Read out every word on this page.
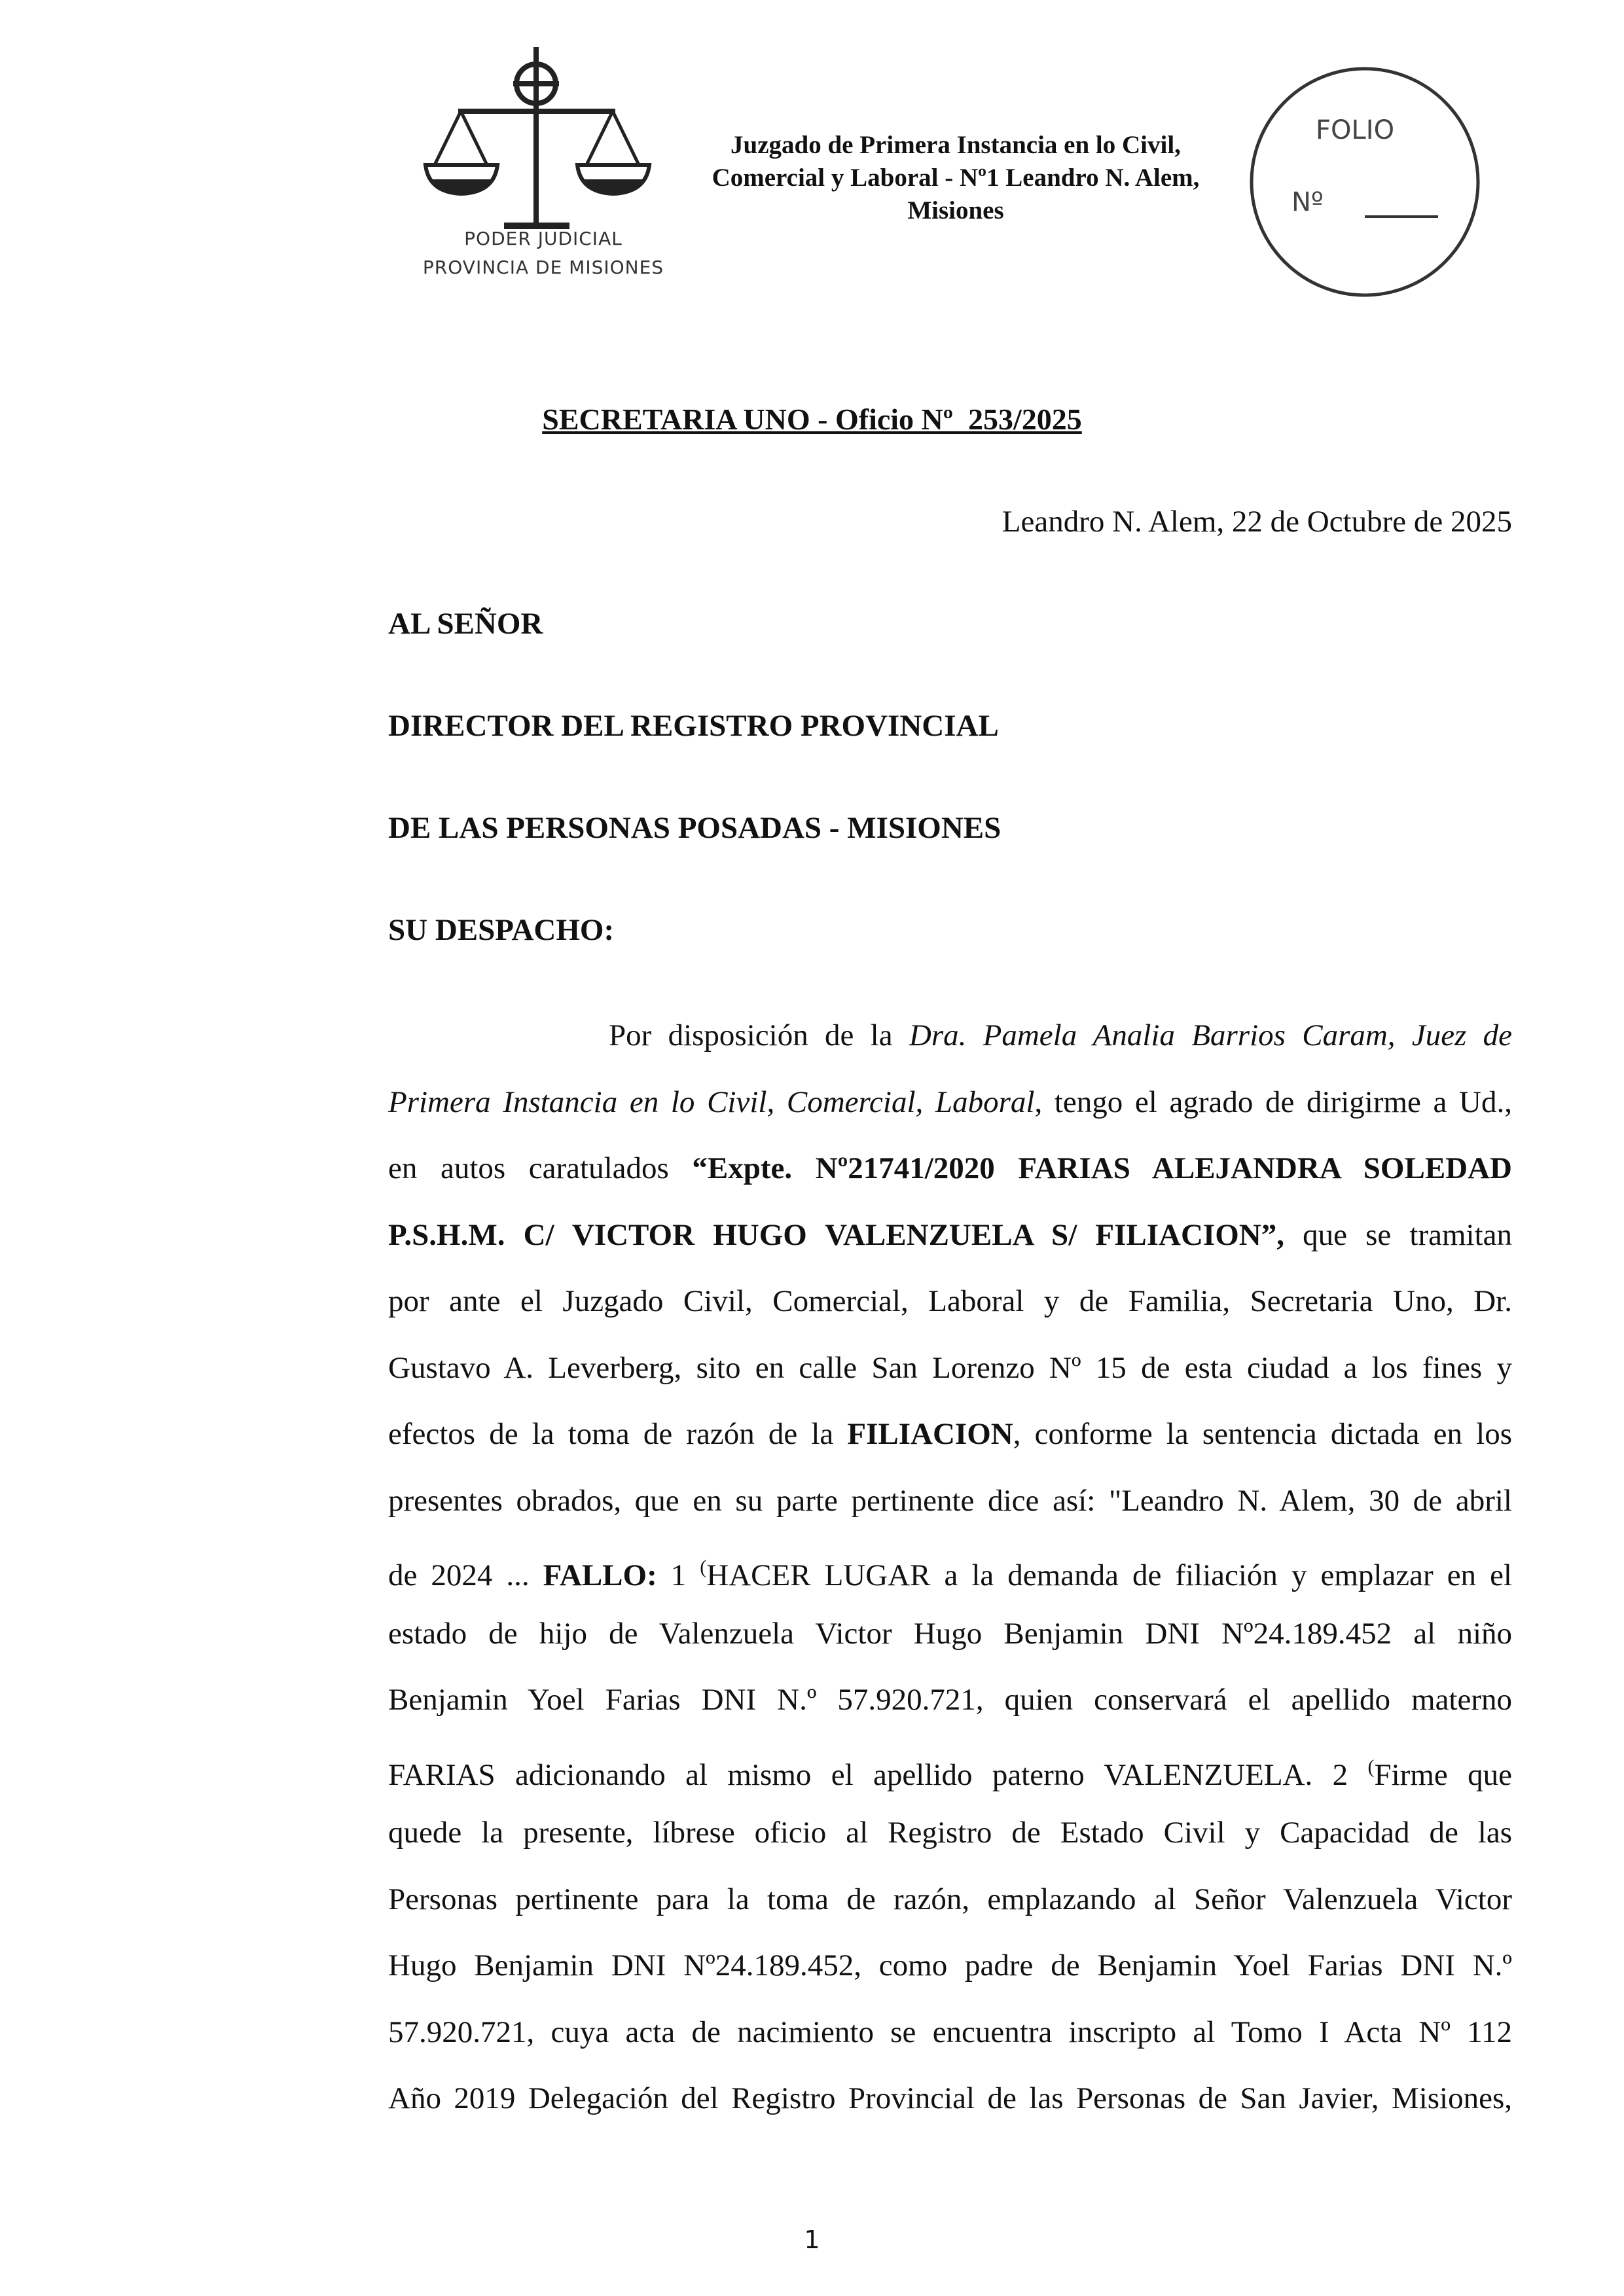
PODER JUDICIAL
PROVINCIA DE MISIONES
Juzgado de Primera Instancia en lo Civil,
Comercial y Laboral - Nº1 Leandro N. Alem,
Misiones
FOLIO
Nº
SECRETARIA UNO - Oficio Nº  253/2025
Leandro N. Alem, 22 de Octubre de 2025
AL SEÑOR
DIRECTOR DEL REGISTRO PROVINCIAL
DE LAS PERSONAS POSADAS - MISIONES
SU DESPACHO:
Por disposición de la Dra. Pamela Analia Barrios Caram, Juez de
Primera Instancia en lo Civil, Comercial, Laboral, tengo el agrado de dirigirme a Ud.,
en autos caratulados “Expte. Nº21741/2020 FARIAS ALEJANDRA SOLEDAD
P.S.H.M. C/ VICTOR HUGO VALENZUELA S/ FILIACION”, que se tramitan
por ante el Juzgado Civil, Comercial, Laboral y de Familia, Secretaria Uno, Dr.
Gustavo A. Leverberg, sito en calle San Lorenzo Nº 15 de esta ciudad a los fines y
efectos de la toma de razón de la FILIACION, conforme la sentencia dictada en los
presentes obrados, que en su parte pertinente dice así: "Leandro N. Alem, 30 de abril
de 2024 ... FALLO: 1 (HACER LUGAR a la demanda de filiación y emplazar en el
estado de hijo de Valenzuela Victor Hugo Benjamin DNI Nº24.189.452 al niño
Benjamin Yoel Farias DNI N.º 57.920.721, quien conservará el apellido materno
FARIAS adicionando al mismo el apellido paterno VALENZUELA. 2 (Firme que
quede la presente, líbrese oficio al Registro de Estado Civil y Capacidad de las
Personas pertinente para la toma de razón, emplazando al Señor Valenzuela Victor
Hugo Benjamin DNI Nº24.189.452, como padre de Benjamin Yoel Farias DNI N.º
57.920.721, cuya acta de nacimiento se encuentra inscripto al Tomo I Acta Nº 112
Año 2019 Delegación del Registro Provincial de las Personas de San Javier, Misiones,
1
